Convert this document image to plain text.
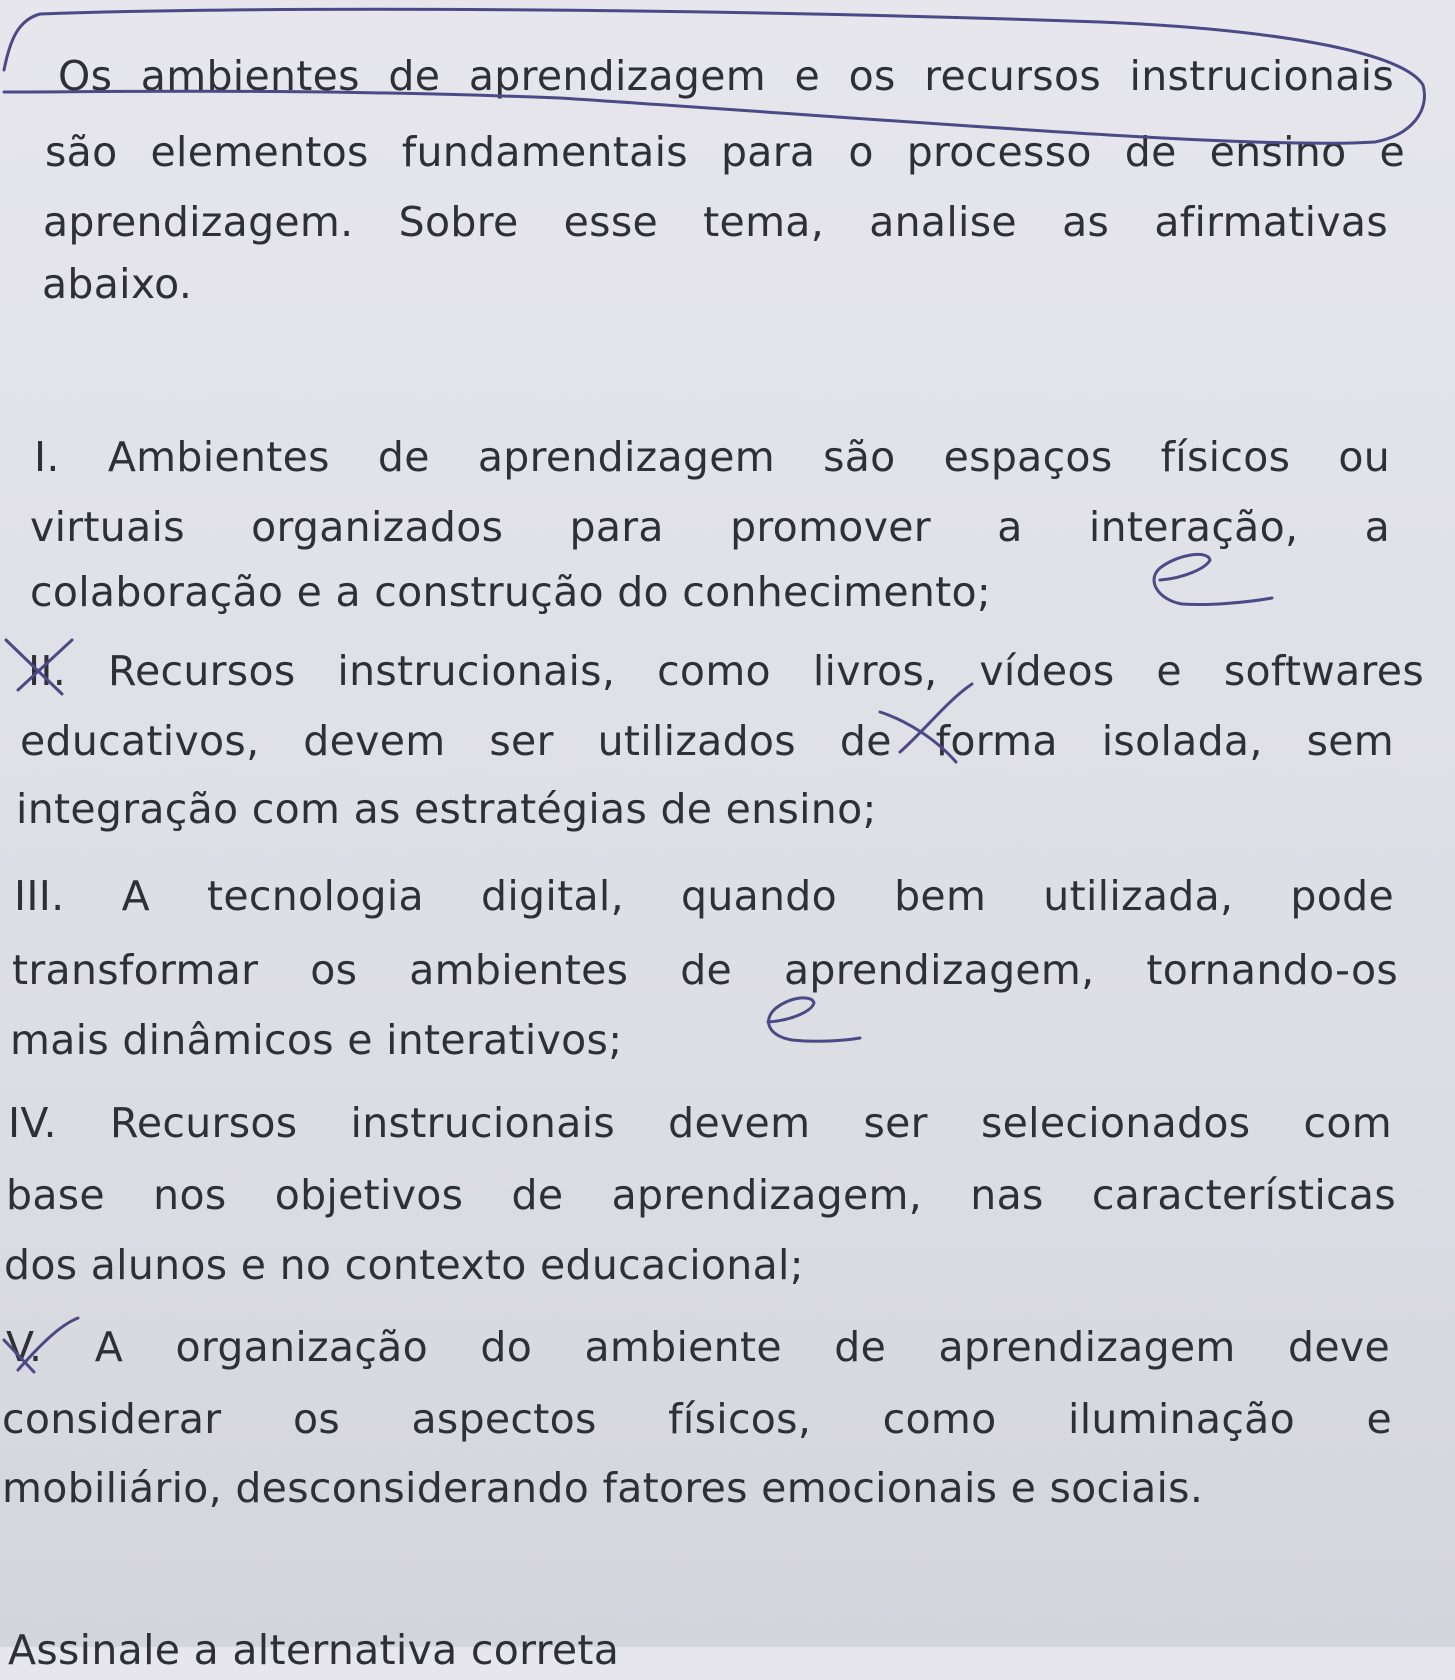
Os ambientes de aprendizagem e os recursos instrucionais
são elementos fundamentais para o processo de ensino e
aprendizagem. Sobre esse tema, analise as afirmativas
abaixo.
I. Ambientes de aprendizagem são espaços físicos ou
virtuais organizados para promover a interação, a
colaboração e a construção do conhecimento;
II. Recursos instrucionais, como livros, vídeos e softwares
educativos, devem ser utilizados de forma isolada, sem
integração com as estratégias de ensino;
III. A tecnologia digital, quando bem utilizada, pode
transformar os ambientes de aprendizagem, tornando-os
mais dinâmicos e interativos;
IV. Recursos instrucionais devem ser selecionados com
base nos objetivos de aprendizagem, nas características
dos alunos e no contexto educacional;
V. A organização do ambiente de aprendizagem deve
considerar os aspectos físicos, como iluminação e
mobiliário, desconsiderando fatores emocionais e sociais.
Assinale a alternativa correta
